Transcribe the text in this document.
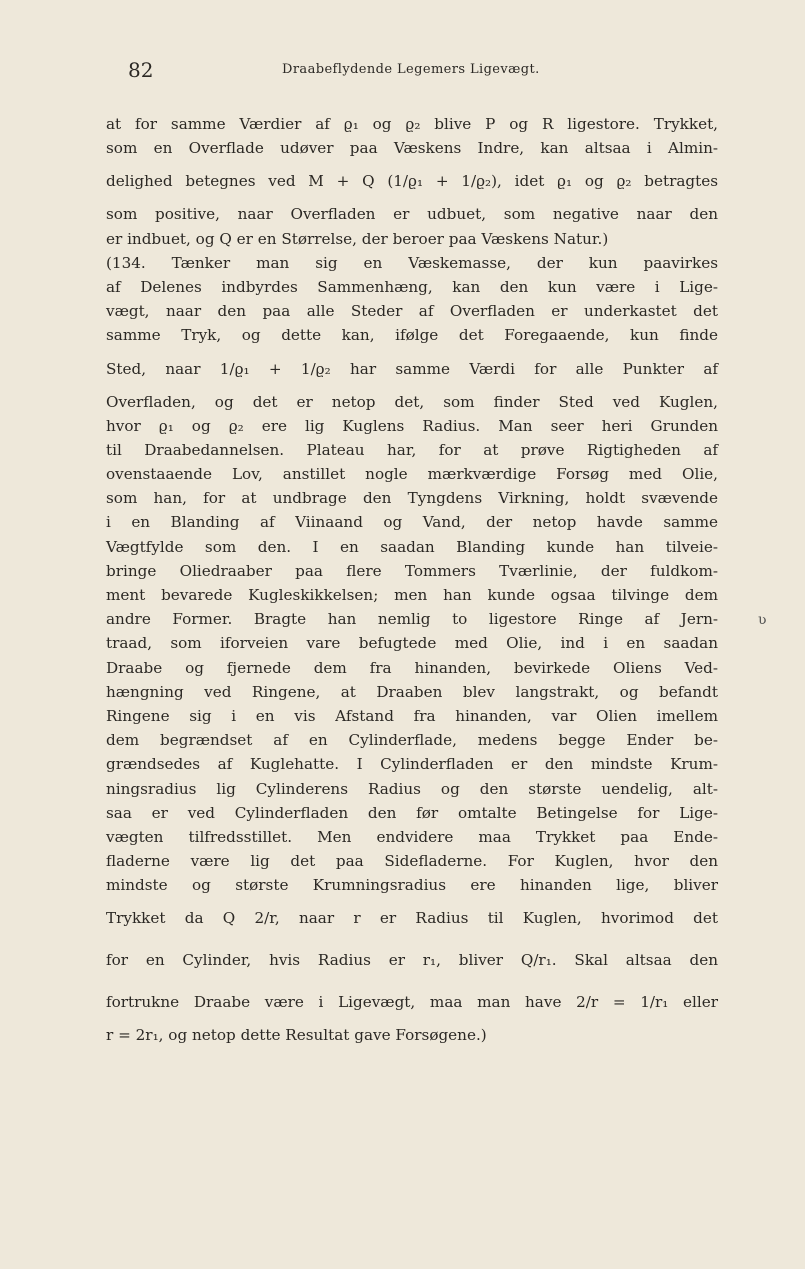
82	Draabeflydende Legemers Ligevægt.
at for samme Værdier af ϱ₁ og ϱ₂ blive P og R ligestore. Trykket,
som en Overflade udøver paa Væskens Indre, kan altsaa i Almin-
delighed betegnes ved M + Q (1/ϱ₁ + 1/ϱ₂), idet ϱ₁ og ϱ₂ betragtes
som positive, naar Overfladen er udbuet, som negative naar den
er indbuet, og Q er en Størrelse, der beroer paa Væskens Natur.)
(134. Tænker man sig en Væskemasse, der kun paavirkes
af Delenes indbyrdes Sammenhæng, kan den kun være i Lige-
vægt, naar den paa alle Steder af Overfladen er underkastet det
samme Tryk, og dette kan, ifølge det Foregaaende, kun finde
Sted, naar 1/ϱ₁ + 1/ϱ₂ har samme Værdi for alle Punkter af
Overfladen, og det er netop det, som finder Sted ved Kuglen,
hvor ϱ₁ og ϱ₂ ere lig Kuglens Radius. Man seer heri Grunden
til Draabedannelsen. Plateau har, for at prøve Rigtigheden af
ovenstaaende Lov, anstillet nogle mærkværdige Forsøg med Olie,
som han, for at undbrage den Tyngdens Virkning, holdt svævende
i en Blanding af Viinaand og Vand, der netop havde samme
Vægtfylde som den. I en saadan Blanding kunde han tilveie-
bringe Oliedraaber paa flere Tommers Tværlinie, der fuldkom-
ment bevarede Kugleskikkelsen; men han kunde ogsaa tilvinge dem
andre Former. Bragte han nemlig to ligestore Ringe af Jern-
traad, som iforveien vare befugtede med Olie, ind i en saadan
Draabe og fjernede dem fra hinanden, bevirkede Oliens Ved-
hængning ved Ringene, at Draaben blev langstrakt, og befandt
Ringene sig i en vis Afstand fra hinanden, var Olien imellem
dem begrændset af en Cylinderflade, medens begge Ender be-
grændsedes af Kuglehatte. I Cylinderfladen er den mindste Krum-
ningsradius lig Cylinderens Radius og den største uendelig, alt-
saa er ved Cylinderfladen den før omtalte Betingelse for Lige-
vægten tilfredsstillet. Men endvidere maa Trykket paa Ende-
fladerne være lig det paa Sidefladerne. For Kuglen, hvor den
mindste og største Krumningsradius ere hinanden lige, bliver
Trykket da Q 2/r, naar r er Radius til Kuglen, hvorimod det
for en Cylinder, hvis Radius er r₁, bliver Q/r₁. Skal altsaa den
fortrukne Draabe være i Ligevægt, maa man have 2/r = 1/r₁ eller
r = 2r₁, og netop dette Resultat gave Forsøgene.)
ʋ
